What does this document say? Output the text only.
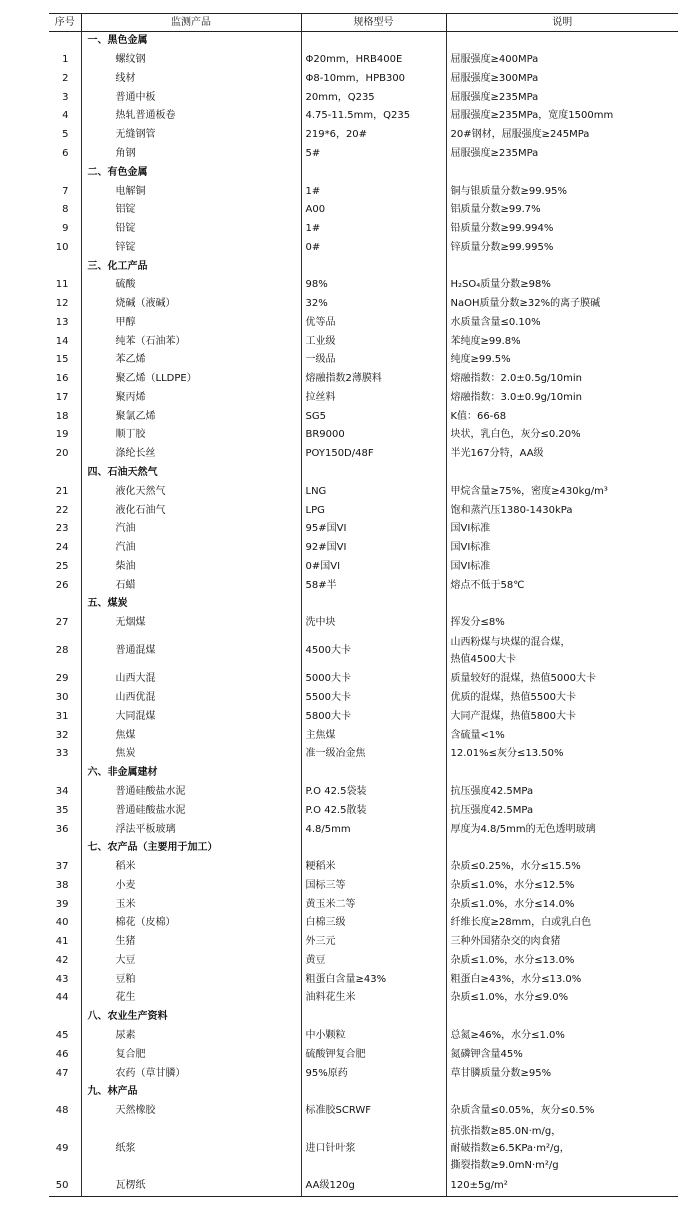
序号	监测产品	规格型号	说明
	一、黑色金属		
1	螺纹钢	Φ20mm，HRB400E	屈服强度≥400MPa
2	线材	Φ8-10mm，HPB300	屈服强度≥300MPa
3	普通中板	20mm，Q235	屈服强度≥235MPa
4	热轧普通板卷	4.75-11.5mm，Q235	屈服强度≥235MPa，宽度1500mm
5	无缝钢管	219*6，20#	20#钢材，屈服强度≥245MPa
6	角钢	5#	屈服强度≥235MPa
	二、有色金属		
7	电解铜	1#	铜与银质量分数≥99.95%
8	铝锭	A00	铝质量分数≥99.7%
9	铅锭	1#	铅质量分数≥99.994%
10	锌锭	0#	锌质量分数≥99.995%
	三、化工产品		
11	硫酸	98%	H₂SO₄质量分数≥98%
12	烧碱（液碱）	32%	NaOH质量分数≥32%的离子膜碱
13	甲醇	优等品	水质量含量≤0.10%
14	纯苯（石油苯）	工业级	苯纯度≥99.8%
15	苯乙烯	一级品	纯度≥99.5%
16	聚乙烯（LLDPE）	熔融指数2薄膜料	熔融指数：2.0±0.5g/10min
17	聚丙烯	拉丝料	熔融指数：3.0±0.9g/10min
18	聚氯乙烯	SG5	K值：66-68
19	顺丁胶	BR9000	块状，乳白色，灰分≤0.20%
20	涤纶长丝	POY150D/48F	半光167分特，AA级
	四、石油天然气		
21	液化天然气	LNG	甲烷含量≥75%，密度≥430kg/m³
22	液化石油气	LPG	饱和蒸汽压1380-1430kPa
23	汽油	95#国VI	国VI标准
24	汽油	92#国VI	国VI标准
25	柴油	0#国VI	国VI标准
26	石蜡	58#半	熔点不低于58℃
	五、煤炭		
27	无烟煤	洗中块	挥发分≤8%
28	普通混煤	4500大卡	山西粉煤与块煤的混合煤，
热值4500大卡

29	山西大混	5000大卡	质量较好的混煤，热值5000大卡
30	山西优混	5500大卡	优质的混煤，热值5500大卡
31	大同混煤	5800大卡	大同产混煤，热值5800大卡
32	焦煤	主焦煤	含硫量<1%
33	焦炭	准一级冶金焦	12.01%≤灰分≤13.50%
	六、非金属建材		
34	普通硅酸盐水泥	P.O 42.5袋装	抗压强度42.5MPa
35	普通硅酸盐水泥	P.O 42.5散装	抗压强度42.5MPa
36	浮法平板玻璃	4.8/5mm	厚度为4.8/5mm的无色透明玻璃
	七、农产品（主要用于加工）		
37	稻米	粳稻米	杂质≤0.25%，水分≤15.5%
38	小麦	国标三等	杂质≤1.0%，水分≤12.5%
39	玉米	黄玉米二等	杂质≤1.0%，水分≤14.0%
40	棉花（皮棉）	白棉三级	纤维长度≥28mm，白或乳白色
41	生猪	外三元	三种外国猪杂交的肉食猪
42	大豆	黄豆	杂质≤1.0%，水分≤13.0%
43	豆粕	粗蛋白含量≥43%	粗蛋白≥43%，水分≤13.0%
44	花生	油料花生米	杂质≤1.0%，水分≤9.0%
	八、农业生产资料		
45	尿素	中小颗粒	总氮≥46%，水分≤1.0%
46	复合肥	硫酸钾复合肥	氮磷钾含量45%
47	农药（草甘膦）	95%原药	草甘膦质量分数≥95%
	九、林产品		
48	天然橡胶	标准胶SCRWF	杂质含量≤0.05%，灰分≤0.5%
49	纸浆	进口针叶浆	抗张指数≥85.0N·m/g，
耐破指数≥6.5KPa·m²/g，
撕裂指数≥9.0mN·m²/g

50	瓦楞纸	AA级120g	120±5g/m²
